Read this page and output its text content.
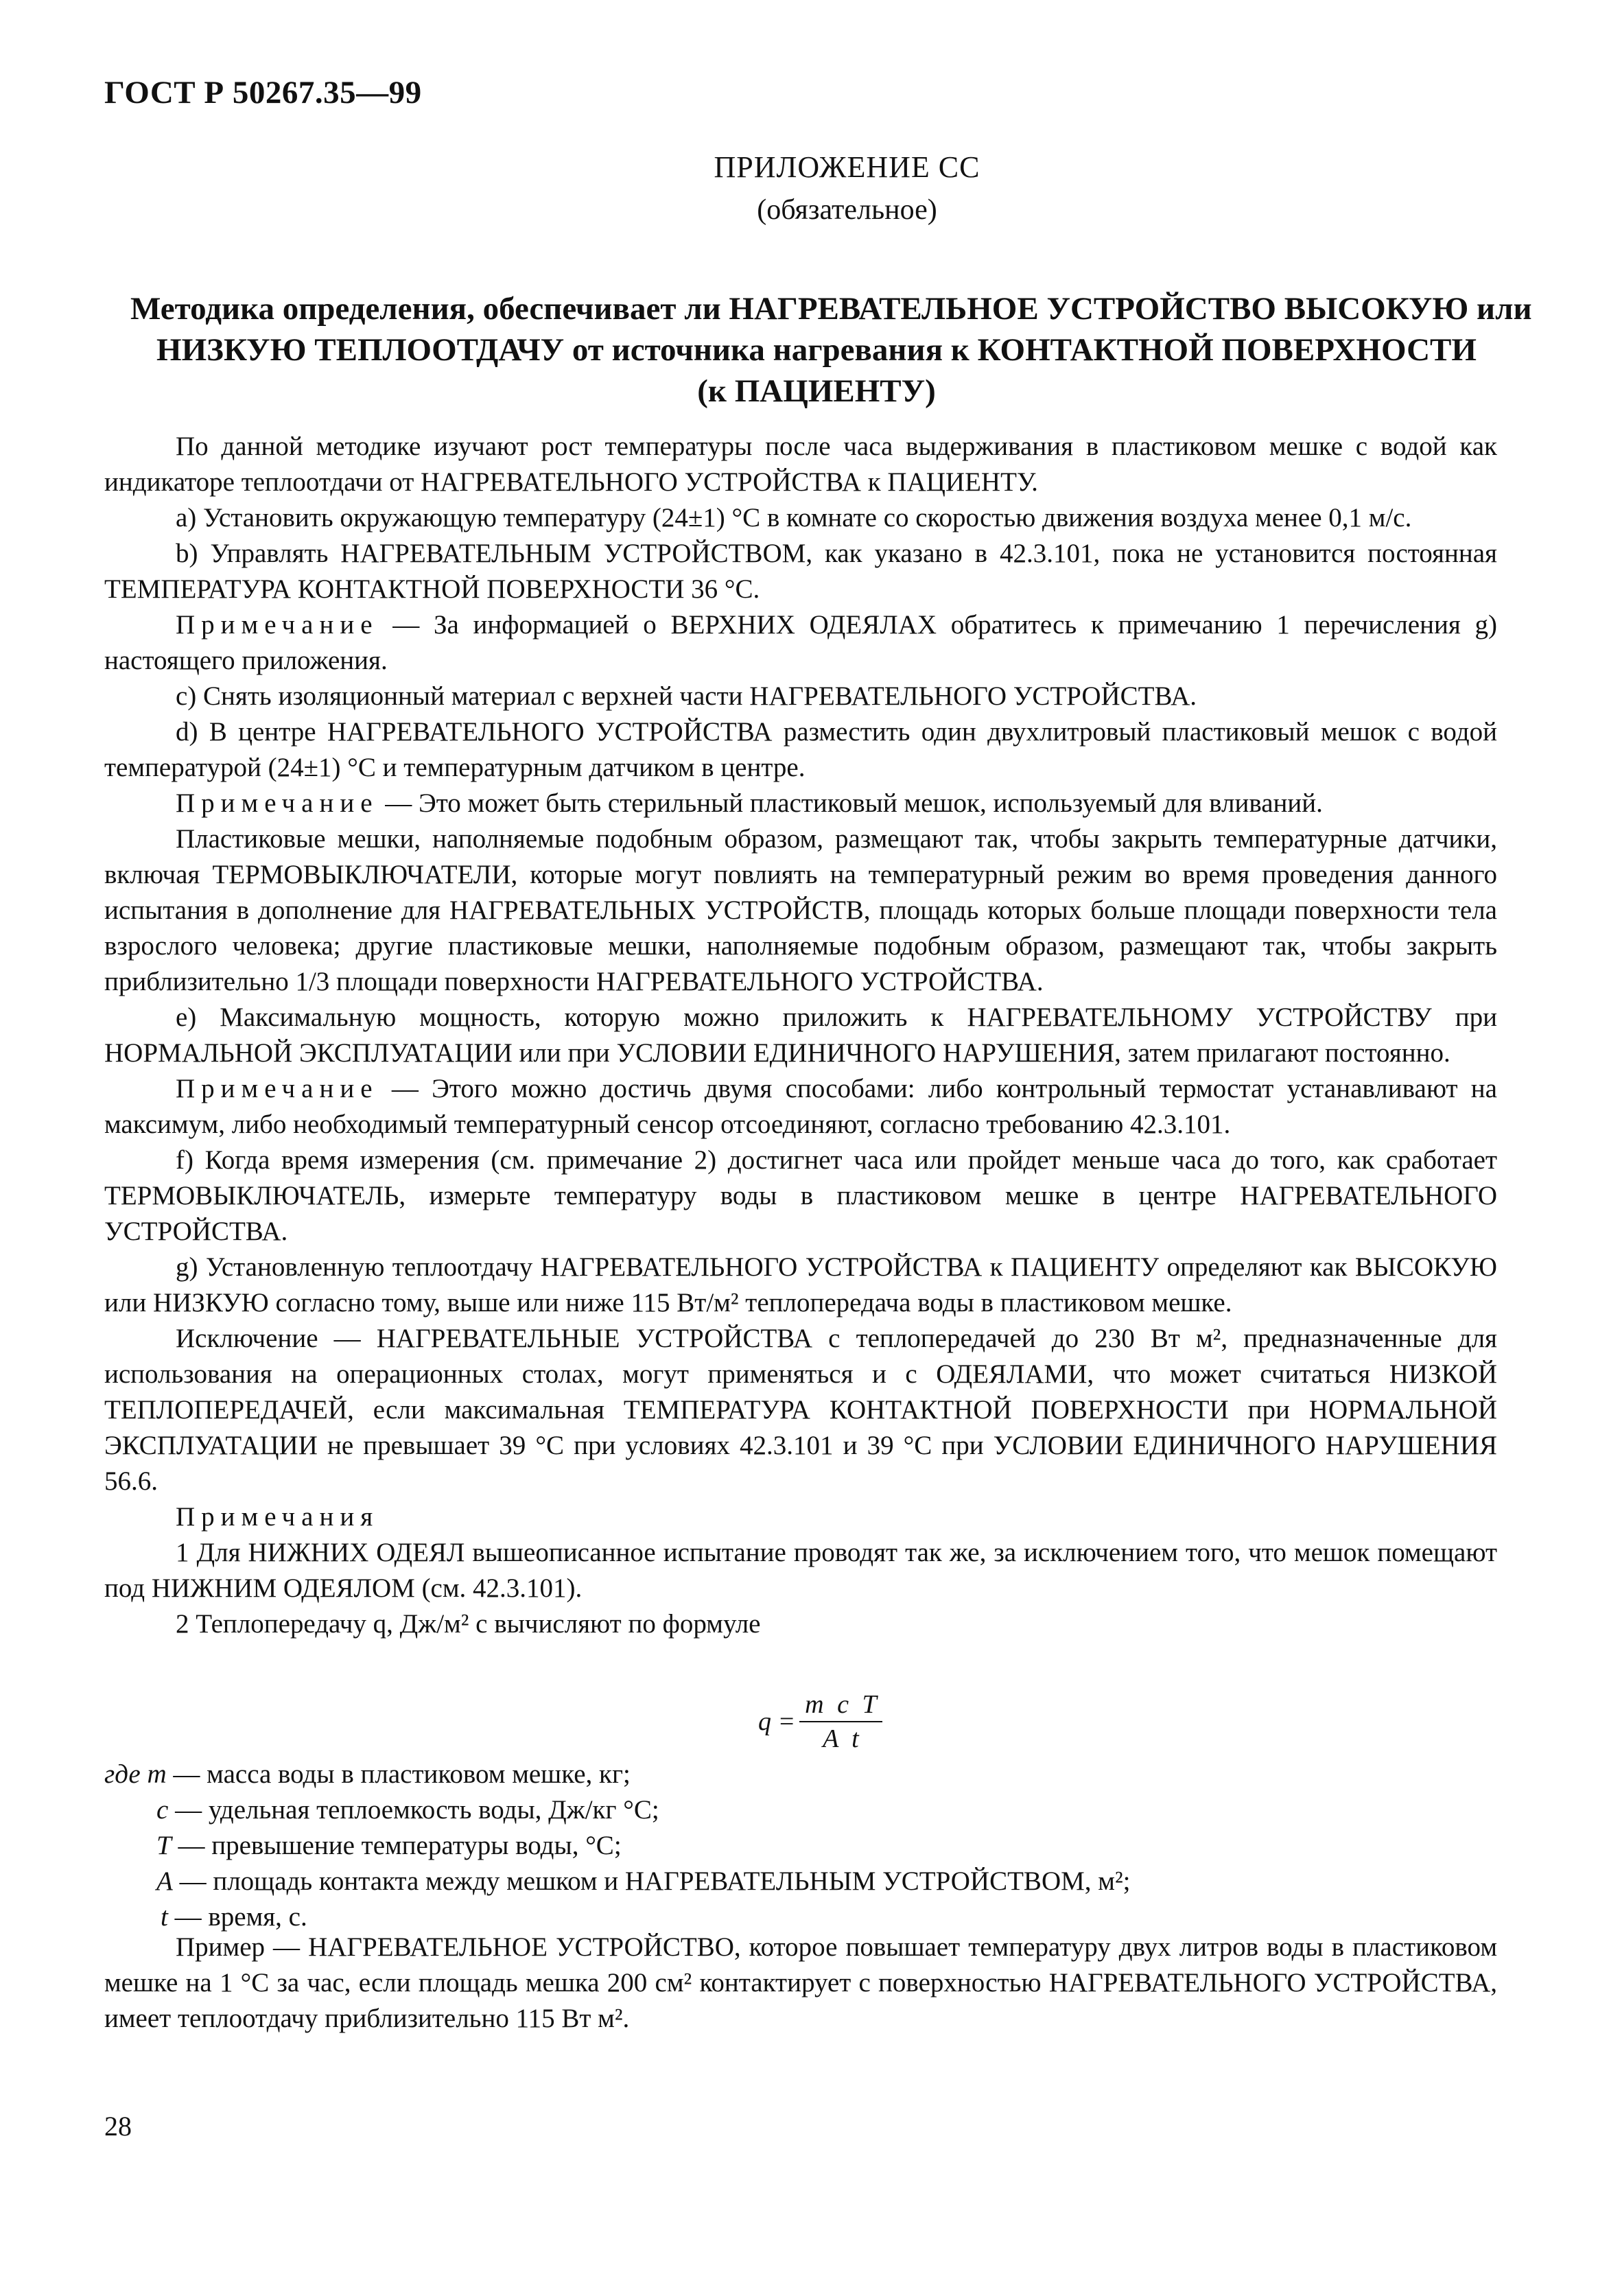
ГОСТ Р 50267.35—99
ПРИЛОЖЕНИЕ СС
(обязательное)
Методика определения, обеспечивает ли НАГРЕВАТЕЛЬНОЕ УСТРОЙСТВО ВЫСОКУЮ или
НИЗКУЮ ТЕПЛООТДАЧУ от источника нагревания к КОНТАКТНОЙ ПОВЕРХНОСТИ
(к ПАЦИЕНТУ)

По данной методике изучают рост температуры после часа выдерживания в пластиковом мешке с водой как индикаторе теплоотдачи от НАГРЕВАТЕЛЬНОГО УСТРОЙСТВА к ПАЦИЕНТУ.

a) Установить окружающую температуру (24±1) °С в комнате со скоростью движения воздуха менее 0,1 м/с.

b) Управлять НАГРЕВАТЕЛЬНЫМ УСТРОЙСТВОМ, как указано в 42.3.101, пока не установится постоянная ТЕМПЕРАТУРА КОНТАКТНОЙ ПОВЕРХНОСТИ 36 °С.

Примечание — За информацией о ВЕРХНИХ ОДЕЯЛАХ обратитесь к примечанию 1 перечисления g) настоящего приложения.

c) Снять изоляционный материал с верхней части НАГРЕВАТЕЛЬНОГО УСТРОЙСТВА.

d) В центре НАГРЕВАТЕЛЬНОГО УСТРОЙСТВА разместить один двухлитровый пластиковый мешок с водой температурой (24±1) °С и температурным датчиком в центре.

Примечание — Это может быть стерильный пластиковый мешок, используемый для вливаний.

Пластиковые мешки, наполняемые подобным образом, размещают так, чтобы закрыть температурные датчики, включая ТЕРМОВЫКЛЮЧАТЕЛИ, которые могут повлиять на температурный режим во время проведения данного испытания в дополнение для НАГРЕВАТЕЛЬНЫХ УСТРОЙСТВ, площадь которых больше площади поверхности тела взрослого человека; другие пластиковые мешки, наполняемые подобным образом, размещают так, чтобы закрыть приблизительно 1/3 площади поверхности НАГРЕВАТЕЛЬНОГО УСТРОЙСТВА.

e) Максимальную мощность, которую можно приложить к НАГРЕВАТЕЛЬНОМУ УСТРОЙСТВУ при НОРМАЛЬНОЙ ЭКСПЛУАТАЦИИ или при УСЛОВИИ ЕДИНИЧНОГО НАРУШЕНИЯ, затем прилагают постоянно.

Примечание — Этого можно достичь двумя способами: либо контрольный термостат устанавливают на максимум, либо необходимый температурный сенсор отсоединяют, согласно требованию 42.3.101.

f) Когда время измерения (см. примечание 2) достигнет часа или пройдет меньше часа до того, как сработает ТЕРМОВЫКЛЮЧАТЕЛЬ, измерьте температуру воды в пластиковом мешке в центре НАГРЕВАТЕЛЬНОГО УСТРОЙСТВА.

g) Установленную теплоотдачу НАГРЕВАТЕЛЬНОГО УСТРОЙСТВА к ПАЦИЕНТУ определяют как ВЫСОКУЮ или НИЗКУЮ согласно тому, выше или ниже 115 Вт/м² теплопередача воды в пластиковом мешке.

Исключение — НАГРЕВАТЕЛЬНЫЕ УСТРОЙСТВА с теплопередачей до 230 Вт м², предназначенные для использования на операционных столах, могут применяться и с ОДЕЯЛАМИ, что может считаться НИЗКОЙ ТЕПЛОПЕРЕДАЧЕЙ, если максимальная ТЕМПЕРАТУРА КОНТАКТНОЙ ПОВЕРХНОСТИ при НОРМАЛЬНОЙ ЭКСПЛУАТАЦИИ не превышает 39 °С при условиях 42.3.101 и 39 °С при УСЛОВИИ ЕДИНИЧНОГО НАРУШЕНИЯ 56.6.

Примечания

1 Для НИЖНИХ ОДЕЯЛ вышеописанное испытание проводят так же, за исключением того, что мешок помещают под НИЖНИМ ОДЕЯЛОМ (см. 42.3.101).

2 Теплопередачу q, Дж/м² с вычисляют по формуле

$q = \frac{\text{m c T}}{\text{A t}}$
где m — масса воды в пластиковом мешке, кг;
c — удельная теплоемкость воды, Дж/кг °С;
T — превышение температуры воды, °С;
A — площадь контакта между мешком и НАГРЕВАТЕЛЬНЫМ УСТРОЙСТВОМ, м²;
t — время, с.

Пример — НАГРЕВАТЕЛЬНОЕ УСТРОЙСТВО, которое повышает температуру двух литров воды в пластиковом мешке на 1 °С за час, если площадь мешка 200 см² контактирует с поверхностью НАГРЕВАТЕЛЬНОГО УСТРОЙСТВА, имеет теплоотдачу приблизительно 115 Вт м².

28
